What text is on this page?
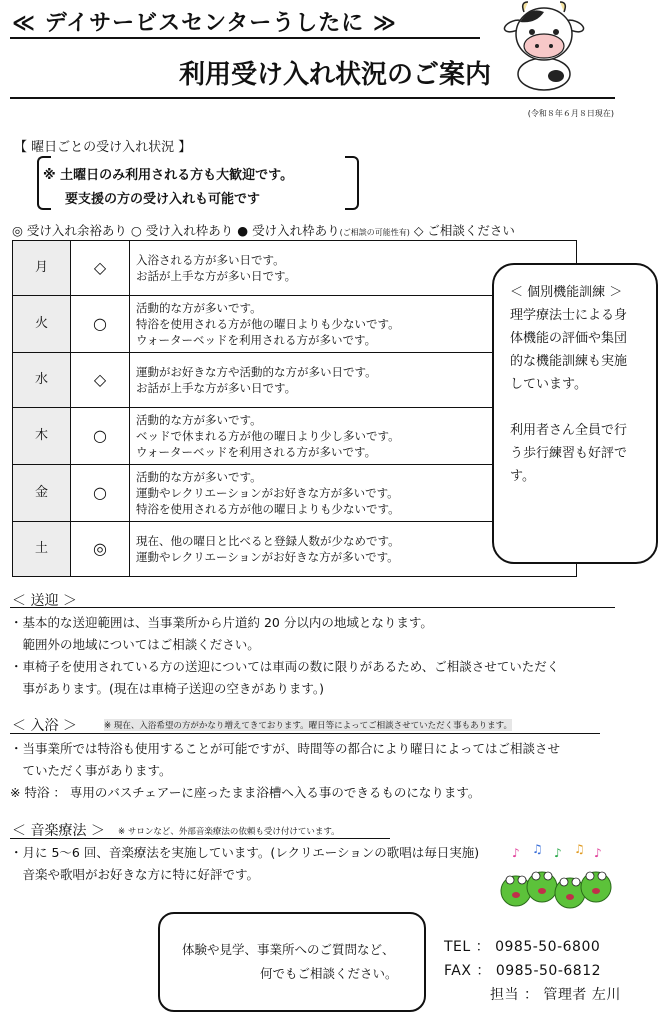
≪ デイサービスセンターうしたに ≫
利用受け入れ状況のご案内
(令和８年６月８日現在)
【 曜日ごとの受け入れ状況 】
※ 土曜日のみ利用される方も大歓迎です。
要支援の方の受け入れも可能です
◎ 受け入れ余裕あり ○ 受け入れ枠あり ● 受け入れ枠あり(ご相談の可能性有) ◇ ご相談ください
月	◇	入浴される方が多い日です。
お話が上手な方が多い日です。

火	○	活動的な方が多いです。
特浴を使用される方が他の曜日よりも少ないです。
ウォーターベッドを利用される方が多いです。

水	◇	運動がお好きな方や活動的な方が多い日です。
お話が上手な方が多い日です。

木	○	活動的な方が多いです。
ベッドで休まれる方が他の曜日より少し多いです。
ウォーターベッドを利用される方が多いです。

金	○	活動的な方が多いです。
運動やレクリエーションがお好きな方が多いです。
特浴を使用される方が他の曜日よりも少ないです。

土	◎	現在、他の曜日と比べると登録人数が少なめです。
運動やレクリエーションがお好きな方が多いです。
＜ 個別機能訓練 ＞
理学療法士による身
体機能の評価や集団
的な機能訓練も実施
しています。
利用者さん全員で行
う歩行練習も好評で
す。
＜ 送迎 ＞
・基本的な送迎範囲は、当事業所から片道約 20 分以内の地域となります。
　範囲外の地域についてはご相談ください。
・車椅子を使用されている方の送迎については車両の数に限りがあるため、ご相談させていただく
　事があります。(現在は車椅子送迎の空きがあります。)
＜ 入浴 ＞	※ 現在、入浴希望の方がかなり増えてきております。曜日等によってご相談させていただく事もあります。
・当事業所では特浴も使用することが可能ですが、時間等の都合により曜日によってはご相談させ
　ていただく事があります。
※ 特浴 ： 専用のバスチェアーに座ったまま浴槽へ入る事のできるものになります。
＜ 音楽療法 ＞ ※ サロンなど、外部音楽療法の依頼も受け付けています。
・月に 5～6 回、音楽療法を実施しています。(レクリエーションの歌唱は毎日実施)
　音楽や歌唱がお好きな方に特に好評です。
♪ ♫ ♪ ♫ ♪
体験や見学、事業所へのご質問など、
何でもご相談ください。
TEL ： 0985-50-6800
FAX ： 0985-50-6812
担当 ： 管理者 左川
